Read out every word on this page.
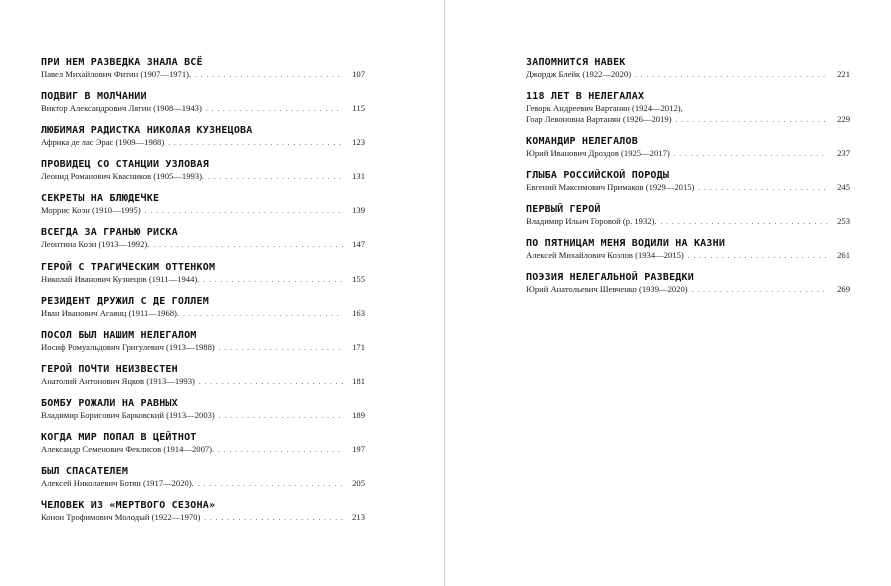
ПРИ НЕМ РАЗВЕДКА ЗНАЛА ВСЁ
Павел Михайлович Фитин (1907—1971). . . .	107
ПОДВИГ В МОЛЧАНИИ
Виктор Александрович Лягин (1908—1943) . . .	115
ЛЮБИМАЯ РАДИСТКА НИКОЛАЯ КУЗНЕЦОВА
Африка де лас Эрас (1909—1988) . . .	123
ПРОВИДЕЦ СО СТАНЦИИ УЗЛОВАЯ
Леонид Романович Квасников (1905—1993). . . .	131
СЕКРЕТЫ НА БЛЮДЕЧКЕ
Моррис Коэн (1910—1995) . . .	139
ВСЕГДА ЗА ГРАНЬЮ РИСКА
Леонтина Коэн (1913—1992). . . .	147
ГЕРОЙ С ТРАГИЧЕСКИМ ОТТЕНКОМ
Николай Иванович Кузнецов (1911—1944). . . .	155
РЕЗИДЕНТ ДРУЖИЛ С ДЕ ГОЛЛЕМ
Иван Иванович Агаянц (1911—1968). . . .	163
ПОСОЛ БЫЛ НАШИМ НЕЛЕГАЛОМ
Иосиф Ромуальдович Григулевич (1913—1988) . . .	171
ГЕРОЙ ПОЧТИ НЕИЗВЕСТЕН
Анатолий Антонович Яцков (1913—1993) . . .	181
БОМБУ РОЖАЛИ НА РАВНЫХ
Владимир Борисович Барковский (1913—2003) . . .	189
КОГДА МИР ПОПАЛ В ЦЕЙТНОТ
Александр Семенович Феклисов (1914—2007). . . .	197
БЫЛ СПАСАТЕЛЕМ
Алексей Николаевич Ботян (1917—2020). . . .	205
ЧЕЛОВЕК ИЗ «МЕРТВОГО СЕЗОНА»
Конон Трофимович Молодый (1922—1970) . . .	213
ЗАПОМНИТСЯ НАВЕК
Джордж Блейк (1922—2020) . . .	221
118 ЛЕТ В НЕЛЕГАЛАХ
Геворк Андреевич Вартанян (1924—2012),
Гоар Левоновна Вартанян (1926—2019) . . .	229
КОМАНДИР НЕЛЕГАЛОВ
Юрий Иванович Дроздов (1925—2017) . . .	237
ГЛЫБА РОССИЙСКОЙ ПОРОДЫ
Евгений Максимович Примаков (1929—2015) . . .	245
ПЕРВЫЙ ГЕРОЙ
Владимир Ильич Горовой (р. 1932). . . .	253
ПО ПЯТНИЦАМ МЕНЯ ВОДИЛИ НА КАЗНИ
Алексей Михайлович Козлов (1934—2015) . . .	261
ПОЭЗИЯ НЕЛЕГАЛЬНОЙ РАЗВЕДКИ
Юрий Анатольевич Шевченко (1939—2020) . . .	269
